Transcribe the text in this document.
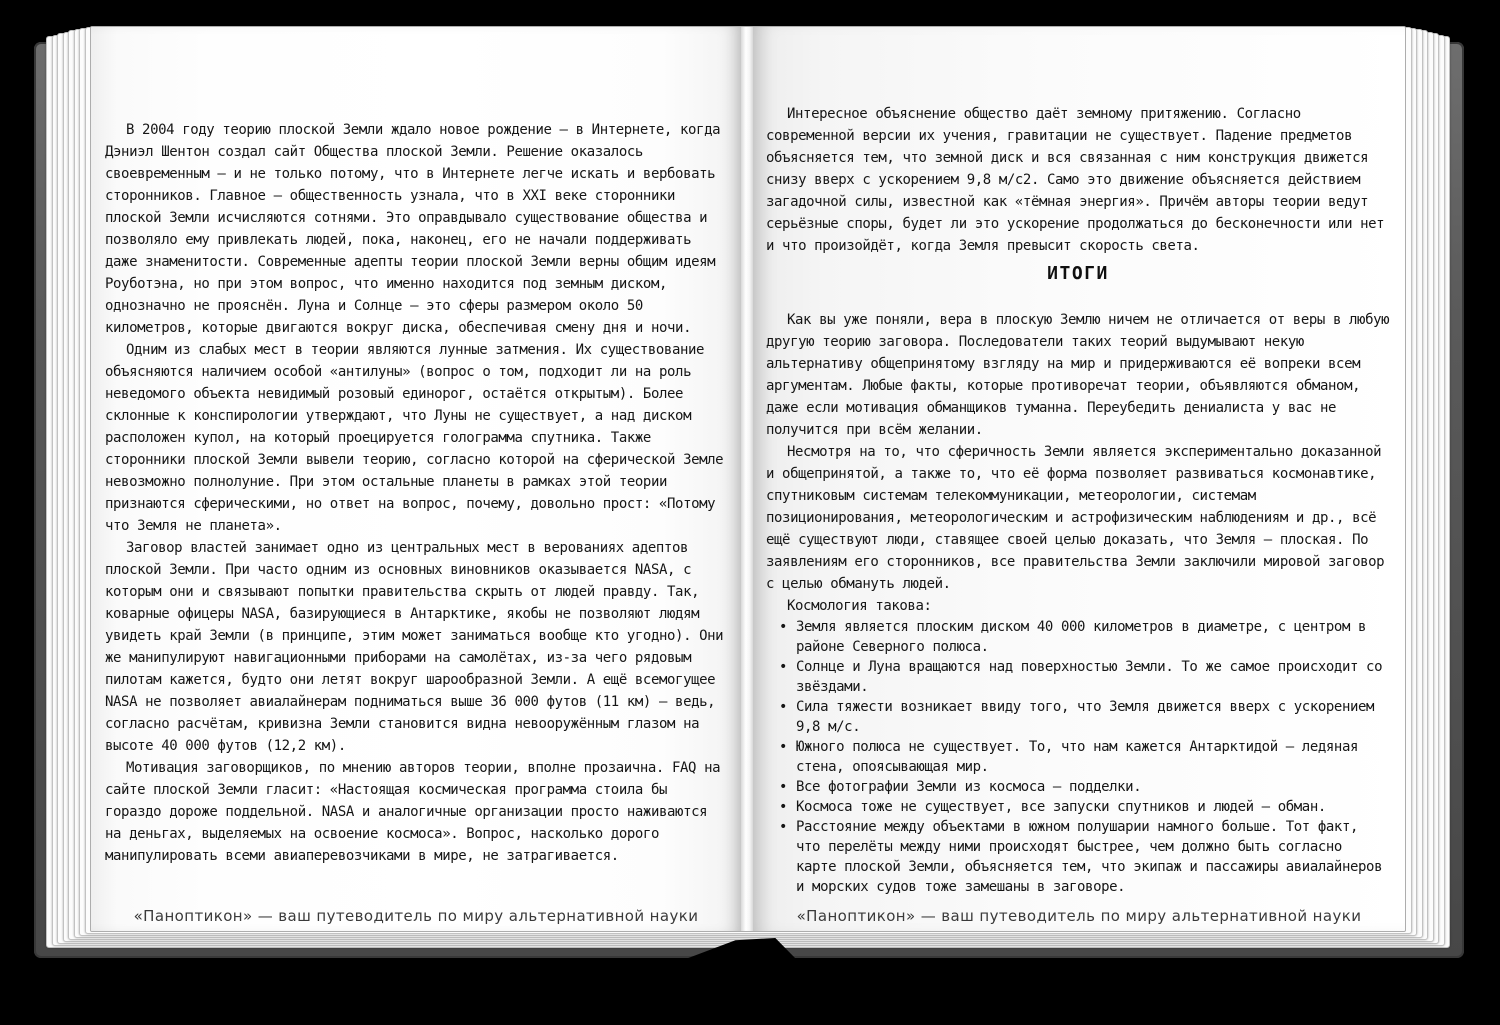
В 2004 году теорию плоской Земли ждало новое рождение — в Интернете, когда Дэниэл Шентон создал сайт Общества плоской Земли. Решение оказалось своевременным — и не только потому, что в Интернете легче искать и вербовать сторонников. Главное — общественность узнала, что в XXI веке сторонники плоской Земли исчисляются сотнями. Это оправдывало существование общества и позволяло ему привлекать людей, пока, наконец, его не начали поддерживать даже знаменитости. Современные адепты теории плоской Земли верны общим идеям Роуботэна, но при этом вопрос, что именно находится под земным диском, однозначно не прояснён. Луна и Солнце — это сферы размером около 50 километров, которые двигаются вокруг диска, обеспечивая смену дня и ночи.

Одним из слабых мест в теории являются лунные затмения. Их существование объясняются наличием особой «антилуны» (вопрос о том, подходит ли на роль неведомого объекта невидимый розовый единорог, остаётся открытым). Более склонные к конспирологии утверждают, что Луны не существует, а над диском расположен купол, на который проецируется голограмма спутника. Также сторонники плоской Земли вывели теорию, согласно которой на сферической Земле невозможно полнолуние. При этом остальные планеты в рамках этой теории признаются сферическими, но ответ на вопрос, почему, довольно прост: «Потому что Земля не планета».

Заговор властей занимает одно из центральных мест в верованиях адептов плоской Земли. При часто одним из основных виновников оказывается NASA, с которым они и связывают попытки правительства скрыть от людей правду. Так, коварные офицеры NASA, базирующиеся в Антарктике, якобы не позволяют людям увидеть край Земли (в принципе, этим может заниматься вообще кто угодно). Они же манипулируют навигационными приборами на самолётах, из-за чего рядовым пилотам кажется, будто они летят вокруг шарообразной Земли. А ещё всемогущее NASA не позволяет авиалайнерам подниматься выше 36 000 футов (11 км) — ведь, согласно расчётам, кривизна Земли становится видна невооружённым глазом на высоте 40 000 футов (12,2 км).

Мотивация заговорщиков, по мнению авторов теории, вполне прозаична. FAQ на сайте плоской Земли гласит: «Настоящая космическая программа стоила бы гораздо дороже поддельной. NASA и аналогичные организации просто наживаются на деньгах, выделяемых на освоение космоса». Вопрос, насколько дорого манипулировать всеми авиаперевозчиками в мире, не затрагивается.

«Паноптикон» — ваш путеводитель по миру альтернативной науки

Интересное объяснение общество даёт земному притяжению. Согласно современной версии их учения, гравитации не существует. Падение предметов объясняется тем, что земной диск и вся связанная с ним конструкция движется снизу вверх с ускорением 9,8 м/с2. Само это движение объясняется действием загадочной силы, известной как «тёмная энергия». Причём авторы теории ведут серьёзные споры, будет ли это ускорение продолжаться до бесконечности или нет и что произойдёт, когда Земля превысит скорость света.

ИТОГИ

Как вы уже поняли, вера в плоскую Землю ничем не отличается от веры в любую другую теорию заговора. Последователи таких теорий выдумывают некую альтернативу общепринятому взгляду на мир и придерживаются её вопреки всем аргументам. Любые факты, которые противоречат теории, объявляются обманом, даже если мотивация обманщиков туманна. Переубедить дениалиста у вас не получится при всём желании.

Несмотря на то, что сферичность Земли является экспериментально доказанной и общепринятой, а также то, что её форма позволяет развиваться космонавтике, спутниковым системам телекоммуникации, метеорологии, системам позиционирования, метеорологическим и астрофизическим наблюдениям и др., всё ещё существуют люди, ставящее своей целью доказать, что Земля — плоская. По заявлениям его сторонников, все правительства Земли заключили мировой заговор с целью обмануть людей.

Космология такова:

• Земля является плоским диском 40 000 километров в диаметре, с центром в районе Северного полюса.
• Солнце и Луна вращаются над поверхностью Земли. То же самое происходит со звёздами.
• Сила тяжести возникает ввиду того, что Земля движется вверх с ускорением 9,8 м/с.
• Южного полюса не существует. То, что нам кажется Антарктидой — ледяная стена, опоясывающая мир.
• Все фотографии Земли из космоса — подделки.
• Космоса тоже не существует, все запуски спутников и людей — обман.
• Расстояние между объектами в южном полушарии намного больше. Тот факт, что перелёты между ними происходят быстрее, чем должно быть согласно карте плоской Земли, объясняется тем, что экипаж и пассажиры авиалайнеров и морских судов тоже замешаны в заговоре.
«Паноптикон» — ваш путеводитель по миру альтернативной науки
